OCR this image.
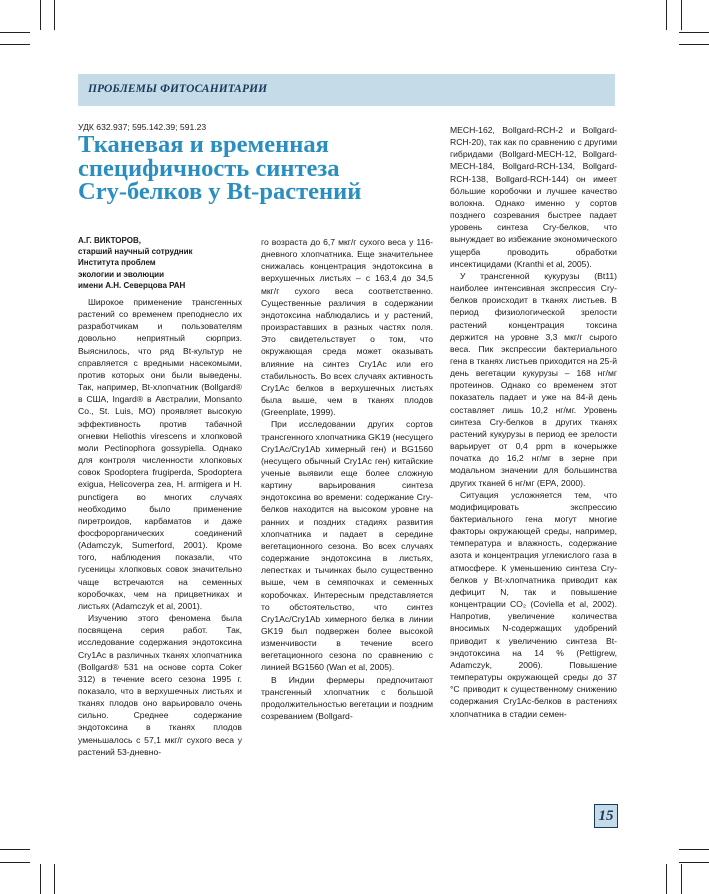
ПРОБЛЕМЫ ФИТОСАНИТАРИИ
УДК 632.937; 595.142.39; 591.23
Тканевая и временная
специфичность синтеза
Cry-белков у Bt-растений
А.Г. ВИКТОРОВ,
старший научный сотрудник
Института проблем
экологии и эволюции
имени А.Н. Северцова РАН

Широкое применение трансгенных растений со временем преподнесло их разработчикам и пользователям довольно неприятный сюрприз. Выяснилось, что ряд Bt-культур не справляется с вредными насекомыми, против которых они были выведены. Так, например, Bt-хлопчатник (Bollgard® в США, Ingard® в Австралии, Monsanto Co., St. Luis, MO) проявляет высокую эффективность против табачной огневки Heliothis virescens и хлопковой моли Pectinophora gossypiella. Однако для контроля численности хлопковых совок Spodoptera frugiperda, Spodoptera exigua, Helicoverpa zea, H. armigera и H. punctigera во многих случаях необходимо было применение пиретроидов, карбаматов и даже фосфорорганических соединений (Adamczyk, Sumerford, 2001). Кроме того, наблюдения показали, что гусеницы хлопковых совок значительно чаще встречаются на семенных коробочках, чем на прицветниках и листьях (Adamczyk et al, 2001).

Изучению этого феномена была посвящена серия работ. Так, исследование содержания эндотоксина Cry1Ac в различных тканях хлопчатника (Bollgard® 531 на основе сорта Coker 312) в течение всего сезона 1995 г. показало, что в верхушечных листьях и тканях плодов оно варьировало очень сильно. Среднее содержание эндотоксина в тканях плодов уменьшалось с 57,1 мкг/г сухого веса у растений 53-дневно-

го возраста до 6,7 мкг/г сухого веса у 116-дневного хлопчатника. Еще значительнее снижалась концентрация эндотоксина в верхушечных листьях – с 163,4 до 34,5 мкг/г сухого веса соответственно. Существенные различия в содержании эндотоксина наблюдались и у растений, произраставших в разных частях поля. Это свидетельствует о том, что окружающая среда может оказывать влияние на синтез Cry1Ac или его стабильность. Во всех случаях активность Cry1Ac белков в верхушечных листьях была выше, чем в тканях плодов (Greenplate, 1999).

При исследовании других сортов трансгенного хлопчатника GK19 (несущего Cry1Ac/Cry1Ab химерный ген) и BG1560 (несущего обычный Cry1Ac ген) китайские ученые выявили еще более сложную картину варьирования синтеза эндотоксина во времени: содержание Cry-белков находится на высоком уровне на ранних и поздних стадиях развития хлопчатника и падает в середине вегетационного сезона. Во всех случаях содержание эндотоксина в листьях, лепестках и тычинках было существенно выше, чем в семяпочках и семенных коробочках. Интересным представляется то обстоятельство, что синтез Cry1Ac/Cry1Ab химерного белка в линии GK19 был подвержен более высокой изменчивости в течение всего вегетационного сезона по сравнению с линией BG1560 (Wan et al, 2005).

В Индии фермеры предпочитают трансгенный хлопчатник с большой продолжительностью вегетации и поздним созреванием (Bollgard-

MECH-162, Bollgard-RCH-2 и Bollgard-RCH-20), так как по сравнению с другими гибридами (Bollgard-MECH-12, Bollgard-MECH-184, Bollgard-RCH-134, Bollgard-RCH-138, Bollgard-RCH-144) он имеет бóльшие коробочки и лучшее качество волокна. Однако именно у сортов позднего созревания быстрее падает уровень синтеза Cry-белков, что вынуждает во избежание экономического ущерба проводить обработки инсектицидами (Kranthi et al, 2005).

У трансгенной кукурузы (Bt11) наиболее интенсивная экспрессия Cry-белков происходит в тканях листьев. В период физиологической зрелости растений концентрация токсина держится на уровне 3,3 мкг/г сырого веса. Пик экспрессии бактериального гена в тканях листьев приходится на 25-й день вегетации кукурузы – 168 нг/мг протеинов. Однако со временем этот показатель падает и уже на 84-й день составляет лишь 10,2 нг/мг. Уровень синтеза Cry-белков в других тканях растений кукурузы в период ее зрелости варьирует от 0,4 ppm в кочерыжке початка до 16,2 нг/мг в зерне при модальном значении для большинства других тканей 6 нг/мг (EPA, 2000).

Ситуация усложняется тем, что модифицировать экспрессию бактериального гена могут многие факторы окружающей среды, например, температура и влажность, содержание азота и концентрация углекислого газа в атмосфере. К уменьшению синтеза Cry-белков у Bt-хлопчатника приводит как дефицит N, так и повышение концентрации CO₂ (Coviella et al, 2002). Напротив, увеличение количества вносимых N-содержащих удобрений приводит к увеличению синтеза Bt-эндотоксина на 14 % (Pettigrew, Adamczyk, 2006). Повышение температуры окружающей среды до 37 °С приводит к существенному снижению содержания Cry1Ac-белков в растениях хлопчатника в стадии семен-

15
